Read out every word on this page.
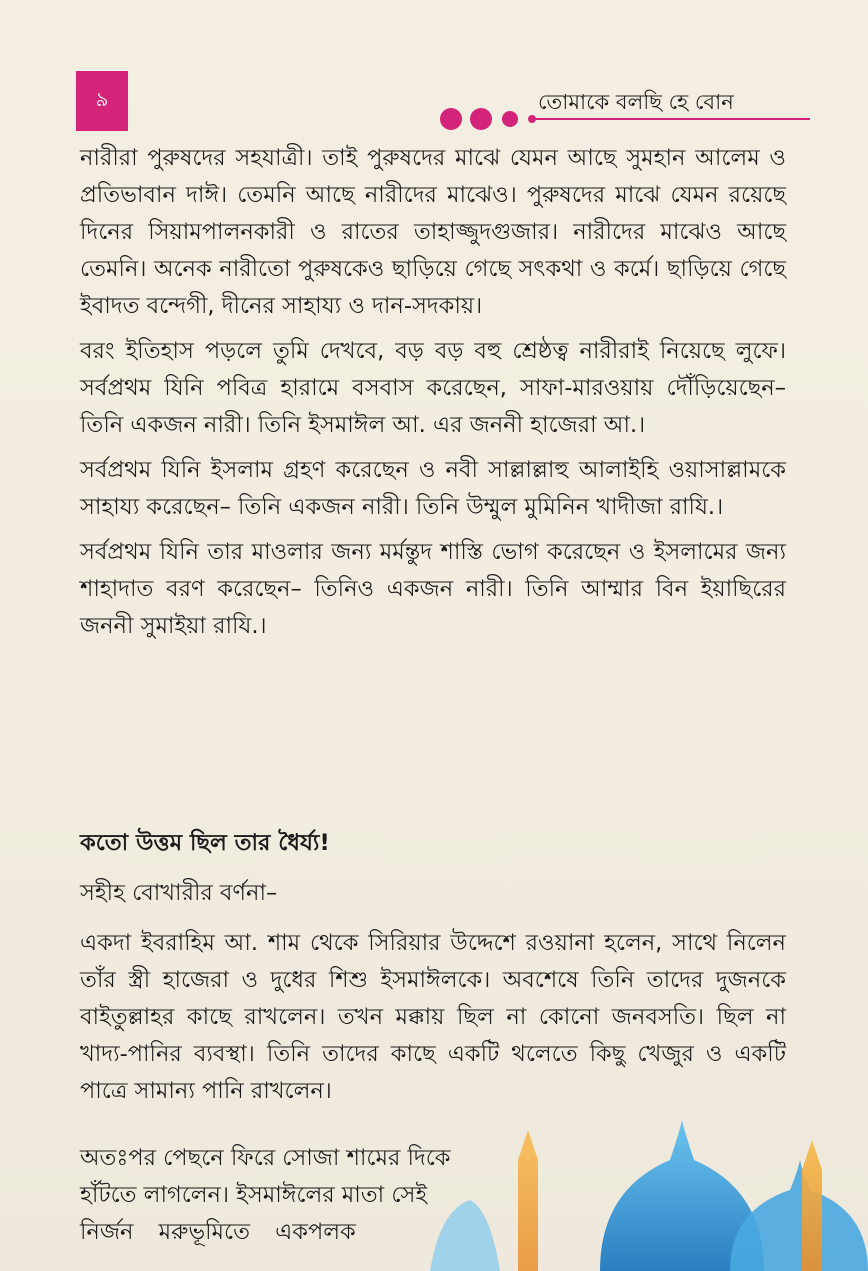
৯	তোমাকে বলছি হে বোন

নারীরা পুরুষদের সহযাত্রী। তাই পুরুষদের মাঝে যেমন আছে সুমহান আলেম ও প্রতিভাবান দাঈ। তেমনি আছে নারীদের মাঝেও। পুরুষদের মাঝে যেমন রয়েছে দিনের সিয়ামপালনকারী ও রাতের তাহাজ্জুদগুজার। নারীদের মাঝেও আছে তেমনি। অনেক নারীতো পুরুষকেও ছাড়িয়ে গেছে সৎকথা ও কর্মে। ছাড়িয়ে গেছে ইবাদত বন্দেগী, দীনের সাহায্য ও দান-সদকায়।

বরং ইতিহাস পড়লে তুমি দেখবে, বড় বড় বহু শ্রেষ্ঠত্ব নারীরাই নিয়েছে লুফে। সর্বপ্রথম যিনি পবিত্র হারামে বসবাস করেছেন, সাফা-মারওয়ায় দৌঁড়িয়েছেন– তিনি একজন নারী। তিনি ইসমাঈল আ. এর জননী হাজেরা আ.।

সর্বপ্রথম যিনি ইসলাম গ্রহণ করেছেন ও নবী সাল্লাল্লাহু আলাইহি ওয়াসাল্লামকে সাহায্য করেছেন– তিনি একজন নারী। তিনি উম্মুল মুমিনিন খাদীজা রাযি.।

সর্বপ্রথম যিনি তার মাওলার জন্য মর্মন্তুদ শাস্তি ভোগ করেছেন ও ইসলামের জন্য শাহাদাত বরণ করেছেন– তিনিও একজন নারী। তিনি আম্মার বিন ইয়াছিরের জননী সুমাইয়া রাযি.।

কতো উত্তম ছিল তার ধৈর্য্য!
সহীহ বোখারীর বর্ণনা–
একদা ইবরাহিম আ. শাম থেকে সিরিয়ার উদ্দেশে রওয়ানা হলেন, সাথে নিলেন তাঁর স্ত্রী হাজেরা ও দুধের শিশু ইসমাঈলকে। অবশেষে তিনি তাদের দুজনকে বাইতুল্লাহর কাছে রাখলেন। তখন মক্কায় ছিল না কোনো জনবসতি। ছিল না খাদ্য-পানির ব্যবস্থা। তিনি তাদের কাছে একটি থলেতে কিছু খেজুর ও একটি পাত্রে সামান্য পানি রাখলেন।
অতঃপর পেছনে ফিরে সোজা শামের দিকে
হাঁটতে লাগলেন। ইসমাঈলের মাতা সেই
নির্জন মরুভূমিতে একপলক
